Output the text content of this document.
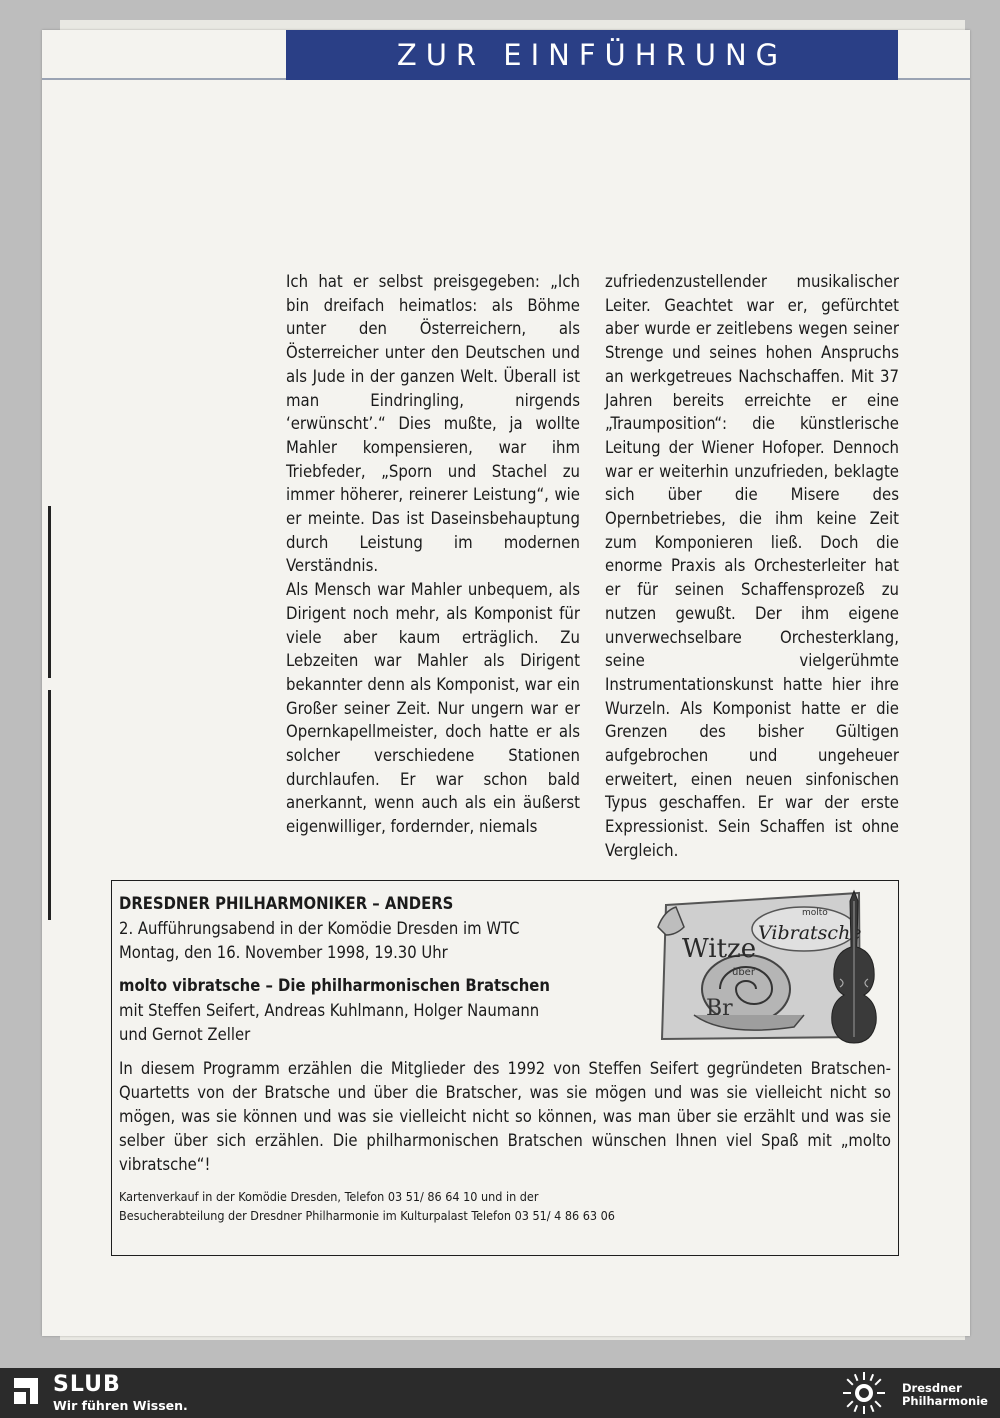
ZUR EINFÜHRUNG

Ich hat er selbst preisgegeben: „Ich bin dreifach heimatlos: als Böhme unter den Österreichern, als Österreicher unter den Deutschen und als Jude in der ganzen Welt. Überall ist man Eindringling, nirgends ‘erwünscht’.“ Dies mußte, ja wollte Mahler kompensieren, war ihm Triebfeder, „Sporn und Stachel zu immer höherer, reinerer Leistung“, wie er meinte. Das ist Daseinsbehauptung durch Leistung im modernen Verständnis.

Als Mensch war Mahler unbequem, als Dirigent noch mehr, als Komponist für viele aber kaum erträglich. Zu Lebzeiten war Mahler als Dirigent bekannter denn als Komponist, war ein Großer seiner Zeit. Nur ungern war er Opernkapellmeister, doch hatte er als solcher verschiedene Stationen durchlaufen. Er war schon bald anerkannt, wenn auch als ein äußerst eigenwilliger, fordernder, niemals

zufriedenzustellender musikalischer Leiter. Geachtet war er, gefürchtet aber wurde er zeitlebens wegen seiner Strenge und seines hohen Anspruchs an werkgetreues Nachschaffen. Mit 37 Jahren bereits erreichte er eine „Traumposition“: die künstlerische Leitung der Wiener Hofoper. Dennoch war er weiterhin unzufrieden, beklagte sich über die Misere des Opernbetriebes, die ihm keine Zeit zum Komponieren ließ. Doch die enorme Praxis als Orchesterleiter hat er für seinen Schaffensprozeß zu nutzen gewußt. Der ihm eigene unverwechselbare Orchesterklang, seine vielgerühmte Instrumentationskunst hatte hier ihre Wurzeln. Als Komponist hatte er die Grenzen des bisher Gültigen aufgebrochen und ungeheuer erweitert, einen neuen sinfonischen Typus geschaffen. Er war der erste Expressionist. Sein Schaffen ist ohne Vergleich.

DRESDNER PHILHARMONIKER – ANDERS

2. Aufführungsabend in der Komödie Dresden im WTC

Montag, den 16. November 1998, 19.30 Uhr

molto vibratsche – Die philharmonischen Bratschen

mit Steffen Seifert, Andreas Kuhlmann, Holger Naumann

und Gernot Zeller

In diesem Programm erzählen die Mitglieder des 1992 von Steffen Seifert gegründeten Bratschen-Quartetts von der Bratsche und über die Bratscher, was sie mögen und was sie vielleicht nicht so mögen, was sie können und was sie vielleicht nicht so können, was man über sie erzählt und was sie selber über sich erzählen. Die philharmonischen Bratschen wünschen Ihnen viel Spaß mit „molto vibratsche“!

Kartenverkauf in der Komödie Dresden, Telefon 03 51/ 86 64 10 und in der
Besucherabteilung der Dresdner Philharmonie im Kulturpalast Telefon 03 51/ 4 86 63 06

Witze
molto
Vibratsche
über
Br
SLUB
Wir führen Wissen.
Dresdner
Philharmonie
